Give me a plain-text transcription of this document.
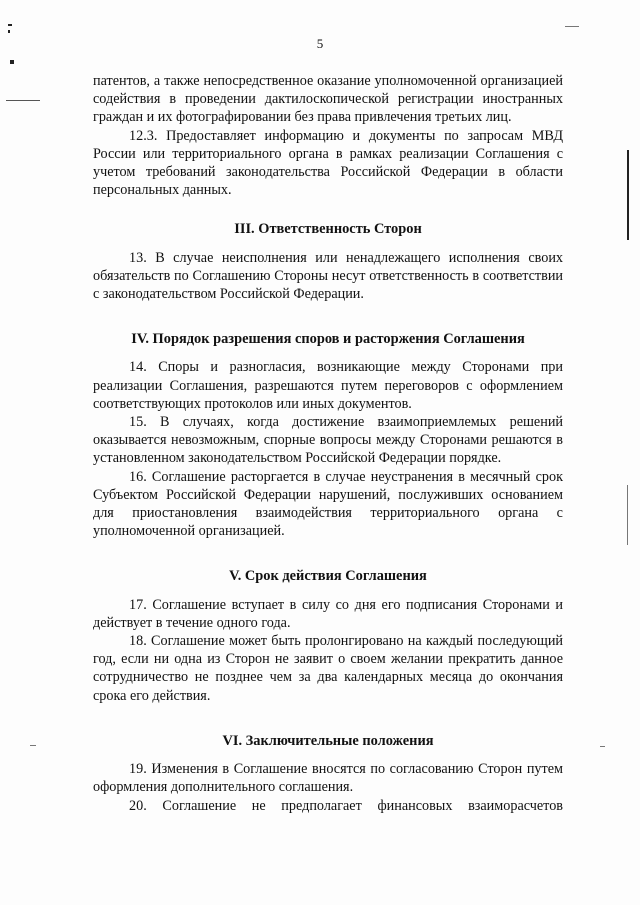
5

патентов, а также непосредственное оказание уполномоченной организацией содействия в проведении дактилоскопической регистрации иностранных граждан и их фотографировании без права привлечения третьих лиц.

12.3. Предоставляет информацию и документы по запросам МВД России или территориального органа в рамках реализации Соглашения с учетом требований законодательства Российской Федерации в области персональных данных.

III. Ответственность Сторон

13. В случае неисполнения или ненадлежащего исполнения своих обязательств по Соглашению Стороны несут ответственность в соответствии с законодательством Российской Федерации.

IV. Порядок разрешения споров и расторжения Соглашения

14. Споры и разногласия, возникающие между Сторонами при реализации Соглашения, разрешаются путем переговоров с оформлением соответствующих протоколов или иных документов.

15. В случаях, когда достижение взаимоприемлемых решений оказывается невозможным, спорные вопросы между Сторонами решаются в установленном законодательством Российской Федерации порядке.

16. Соглашение расторгается в случае неустранения в месячный срок Субъектом Российской Федерации нарушений, послуживших основанием для приостановления взаимодействия территориального органа с уполномоченной организацией.

V. Срок действия Соглашения

17. Соглашение вступает в силу со дня его подписания Сторонами и действует в течение одного года.

18. Соглашение может быть пролонгировано на каждый последующий год, если ни одна из Сторон не заявит о своем желании прекратить данное сотрудничество не позднее чем за два календарных месяца до окончания срока его действия.

VI. Заключительные положения

19. Изменения в Соглашение вносятся по согласованию Сторон путем оформления дополнительного соглашения.

20. Соглашение не предполагает финансовых взаиморасчетов
